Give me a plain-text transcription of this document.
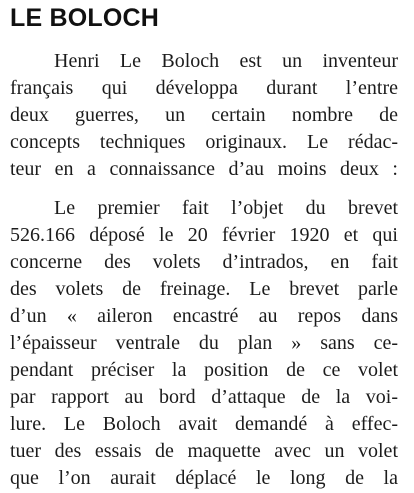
LE BOLOCH

Henri Le Boloch est un inventeur
français qui développa durant l’entre
deux guerres, un certain nombre de
concepts techniques originaux. Le rédac-
teur en a connaissance d’au moins deux :

Le premier fait l’objet du brevet
526.166 déposé le 20 février 1920 et qui
concerne des volets d’intrados, en fait
des volets de freinage. Le brevet parle
d’un « aileron encastré au repos dans
l’épaisseur ventrale du plan » sans ce-
pendant préciser la position de ce volet
par rapport au bord d’attaque de la voi-
lure. Le Boloch avait demandé à effec-
tuer des essais de maquette avec un volet
que l’on aurait déplacé le long de la
